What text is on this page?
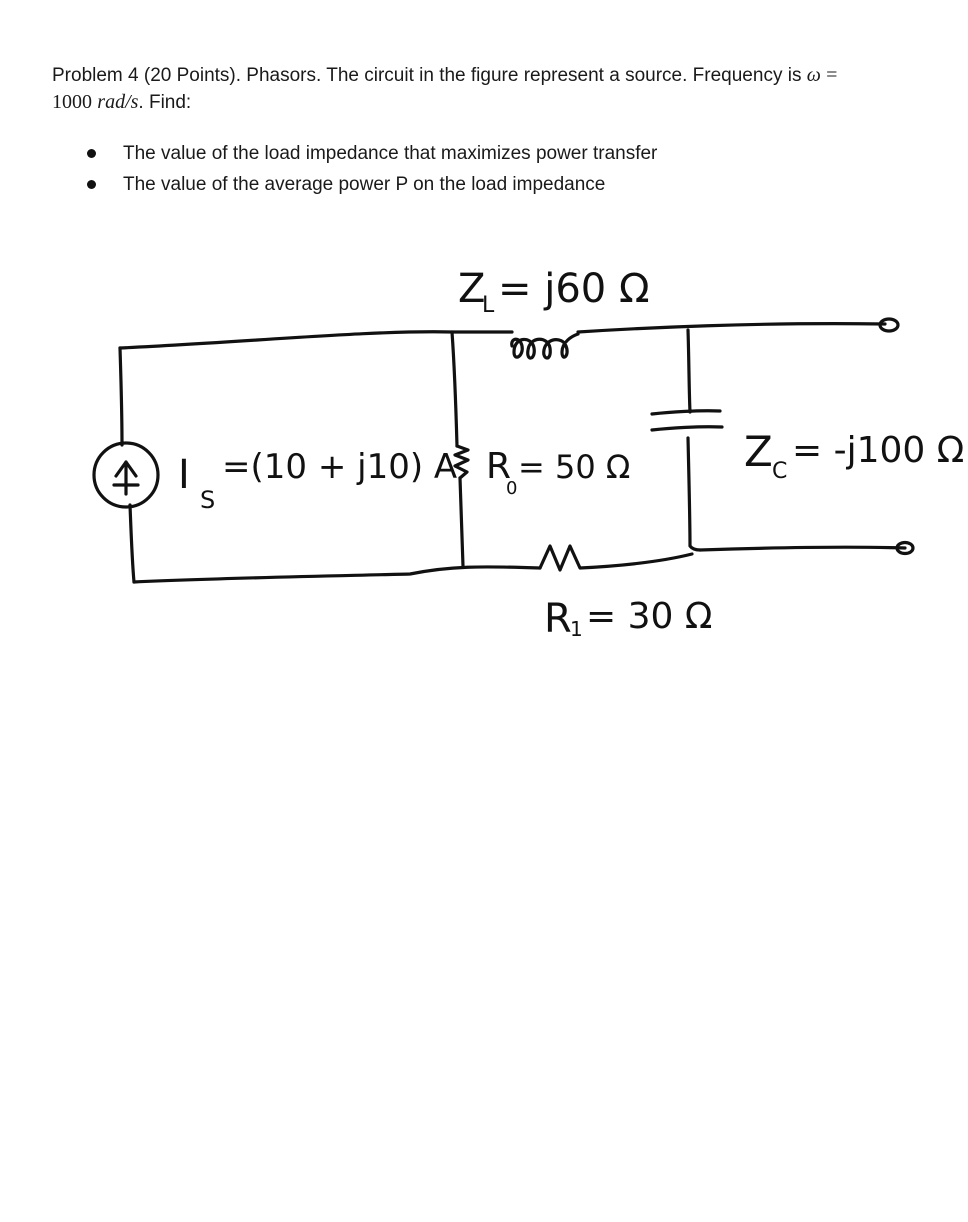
Problem 4 (20 Points). Phasors. The circuit in the figure represent a source. Frequency is ω =
1000 rad/s. Find:
The value of the load impedance that maximizes power transfer
The value of the average power P on the load impedance
Z
L = j60 Ω
I
S
=(10 + j10) A R
0
= 50 Ω	Z C
= -j100 Ω
R
1 = 30 Ω
